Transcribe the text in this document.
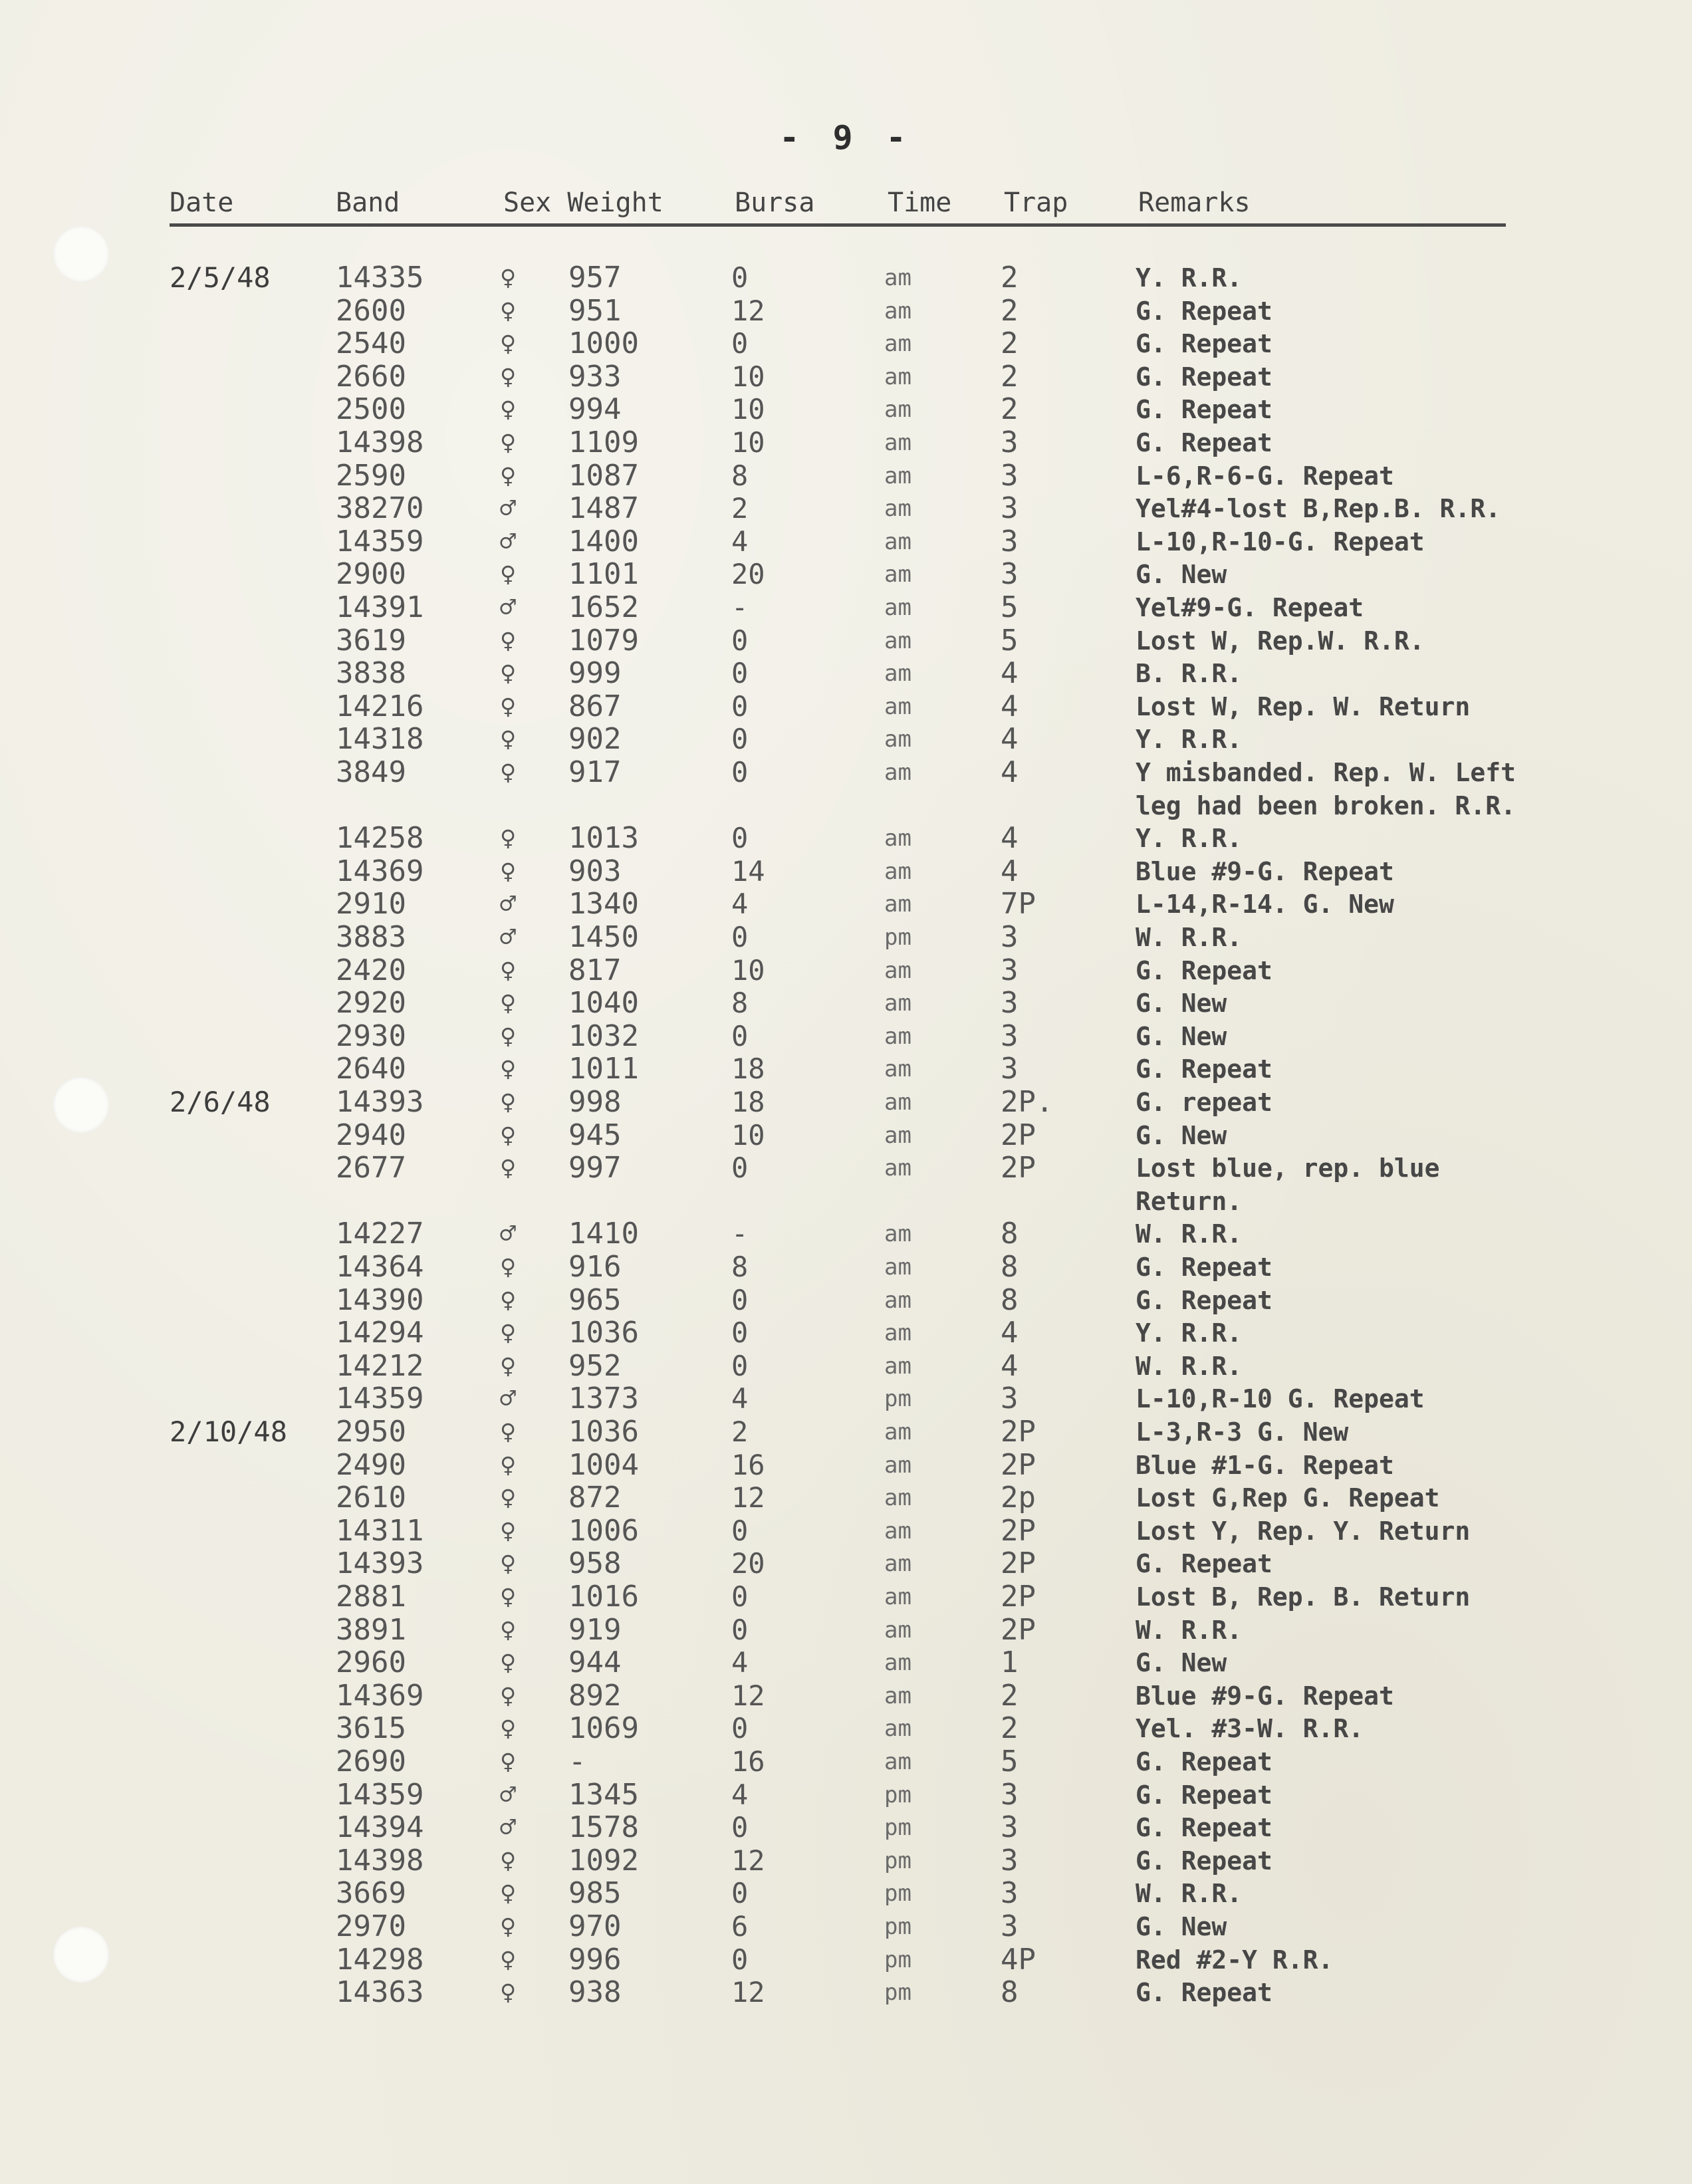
- 9 -
Date	Band	Sex Weight	Bursa	Time Trap	Remarks
2/5/48 14335	♀ 957	0	am	2	Y. R.R.
2600	♀ 951	12	am	2	G. Repeat
2540	♀ 1000	0	am	2	G. Repeat
2660	♀ 933	10	am	2	G. Repeat
2500	♀ 994	10	am	2	G. Repeat
14398	♀ 1109	10	am	3	G. Repeat
2590	♀ 1087	8	am	3	L-6,R-6-G. Repeat
38270	♂ 1487	2	am	3	Yel#4-lost B,Rep.B. R.R.
14359	♂ 1400	4	am	3	L-10,R-10-G. Repeat
2900	♀ 1101	20	am	3	G. New
14391	♂ 1652	-	am	5	Yel#9-G. Repeat
3619	♀ 1079	0	am	5	Lost W, Rep.W. R.R.
3838	♀ 999	0	am	4	B. R.R.
14216	♀ 867	0	am	4	Lost W, Rep. W. Return
14318	♀ 902	0	am	4	Y. R.R.
3849	♀ 917	0	am	4	Y misbanded. Rep. W. Left
leg had been broken. R.R.
14258	♀ 1013	0	am	4	Y. R.R.
14369	♀ 903	14	am	4	Blue #9-G. Repeat
2910	♂ 1340	4	am	7P	L-14,R-14. G. New
3883	♂ 1450	0	pm	3	W. R.R.
2420	♀ 817	10	am	3	G. Repeat
2920	♀ 1040	8	am	3	G. New
2930	♀ 1032	0	am	3	G. New
2640	♀ 1011	18	am	3	G. Repeat
2/6/48 14393	♀ 998	18	am	2P.	G. repeat
2940	♀ 945	10	am	2P	G. New
2677	♀ 997	0	am	2P	Lost blue, rep. blue
Return.
14227	♂ 1410	-	am	8	W. R.R.
14364	♀ 916	8	am	8	G. Repeat
14390	♀ 965	0	am	8	G. Repeat
14294	♀ 1036	0	am	4	Y. R.R.
14212	♀ 952	0	am	4	W. R.R.
14359	♂ 1373	4	pm	3	L-10,R-10 G. Repeat
2/10/48 2950	♀ 1036	2	am	2P	L-3,R-3 G. New
2490	♀ 1004	16	am	2P	Blue #1-G. Repeat
2610	♀ 872	12	am	2p	Lost G,Rep G. Repeat
14311	♀ 1006	0	am	2P	Lost Y, Rep. Y. Return
14393	♀ 958	20	am	2P	G. Repeat
2881	♀ 1016	0	am	2P	Lost B, Rep. B. Return
3891	♀ 919	0	am	2P	W. R.R.
2960	♀ 944	4	am	1	G. New
14369	♀ 892	12	am	2	Blue #9-G. Repeat
3615	♀ 1069	0	am	2	Yel. #3-W. R.R.
2690	♀ -	16	am	5	G. Repeat
14359	♂ 1345	4	pm	3	G. Repeat
14394	♂ 1578	0	pm	3	G. Repeat
14398	♀ 1092	12	pm	3	G. Repeat
3669	♀ 985	0	pm	3	W. R.R.
2970	♀ 970	6	pm	3	G. New
14298	♀ 996	0	pm	4P	Red #2-Y R.R.
14363	♀ 938	12	pm	8	G. Repeat
